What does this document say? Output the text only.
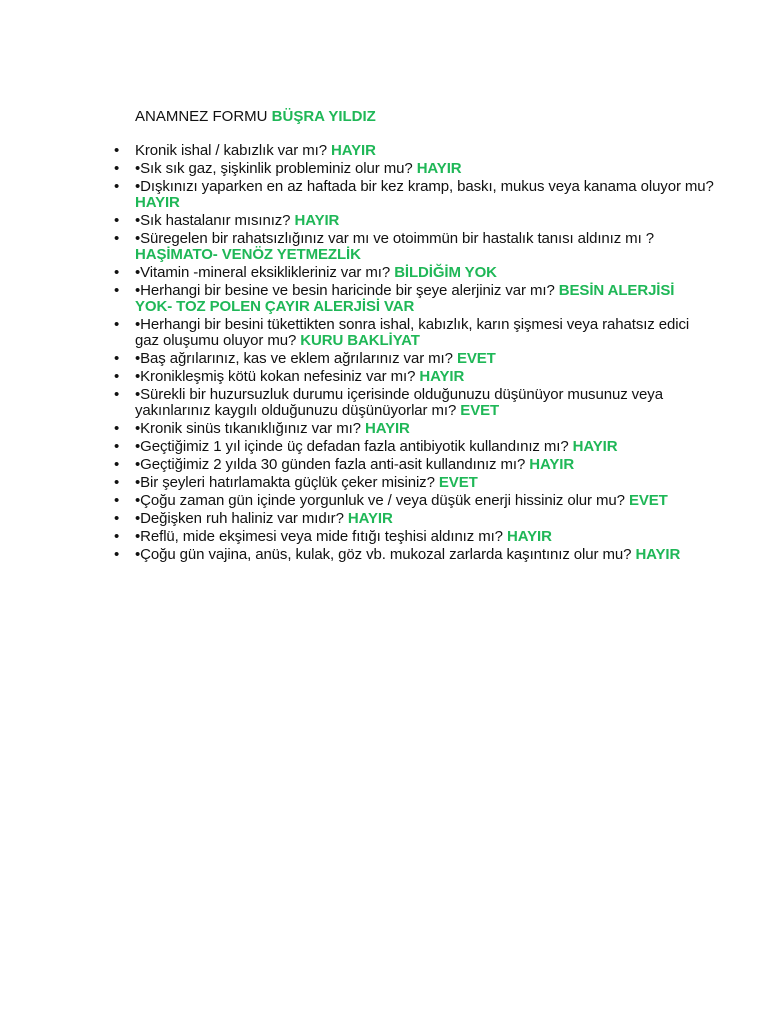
ANAMNEZ FORMU BÜŞRA YILDIZ
•	Kronik ishal / kabızlık var mı? HAYIR
•	•Sık sık gaz, şişkinlik probleminiz olur mu? HAYIR
•	•Dışkınızı yaparken en az haftada bir kez kramp, baskı, mukus veya kanama oluyor mu? HAYIR
•	•Sık hastalanır mısınız? HAYIR
•	•Süregelen bir rahatsızlığınız var mı ve otoimmün bir hastalık tanısı aldınız mı ? HAŞİMATO- VENÖZ YETMEZLİK
•	•Vitamin -mineral eksiklikleriniz var mı? BİLDİĞİM YOK
•	•Herhangi bir besine ve besin haricinde bir şeye alerjiniz var mı? BESİN ALERJİSİ YOK- TOZ POLEN ÇAYIR ALERJİSİ VAR
•	•Herhangi bir besini tükettikten sonra ishal, kabızlık, karın şişmesi veya rahatsız edici gaz oluşumu oluyor mu? KURU BAKLİYAT
•	•Baş ağrılarınız, kas ve eklem ağrılarınız var mı? EVET
•	•Kronikleşmiş kötü kokan nefesiniz var mı? HAYIR
•	•Sürekli bir huzursuzluk durumu içerisinde olduğunuzu düşünüyor musunuz veya yakınlarınız kaygılı olduğunuzu düşünüyorlar mı? EVET
•	•Kronik sinüs tıkanıklığınız var mı? HAYIR
•	•Geçtiğimiz 1 yıl içinde üç defadan fazla antibiyotik kullandınız mı? HAYIR
•	•Geçtiğimiz 2 yılda 30 günden fazla anti-asit kullandınız mı? HAYIR
•	•Bir şeyleri hatırlamakta güçlük çeker misiniz? EVET
•	•Çoğu zaman gün içinde yorgunluk ve / veya düşük enerji hissiniz olur mu? EVET
•	•Değişken ruh haliniz var mıdır? HAYIR
•	•Reflü, mide ekşimesi veya mide fıtığı teşhisi aldınız mı? HAYIR
•	•Çoğu gün vajina, anüs, kulak, göz vb. mukozal zarlarda kaşıntınız olur mu? HAYIR
